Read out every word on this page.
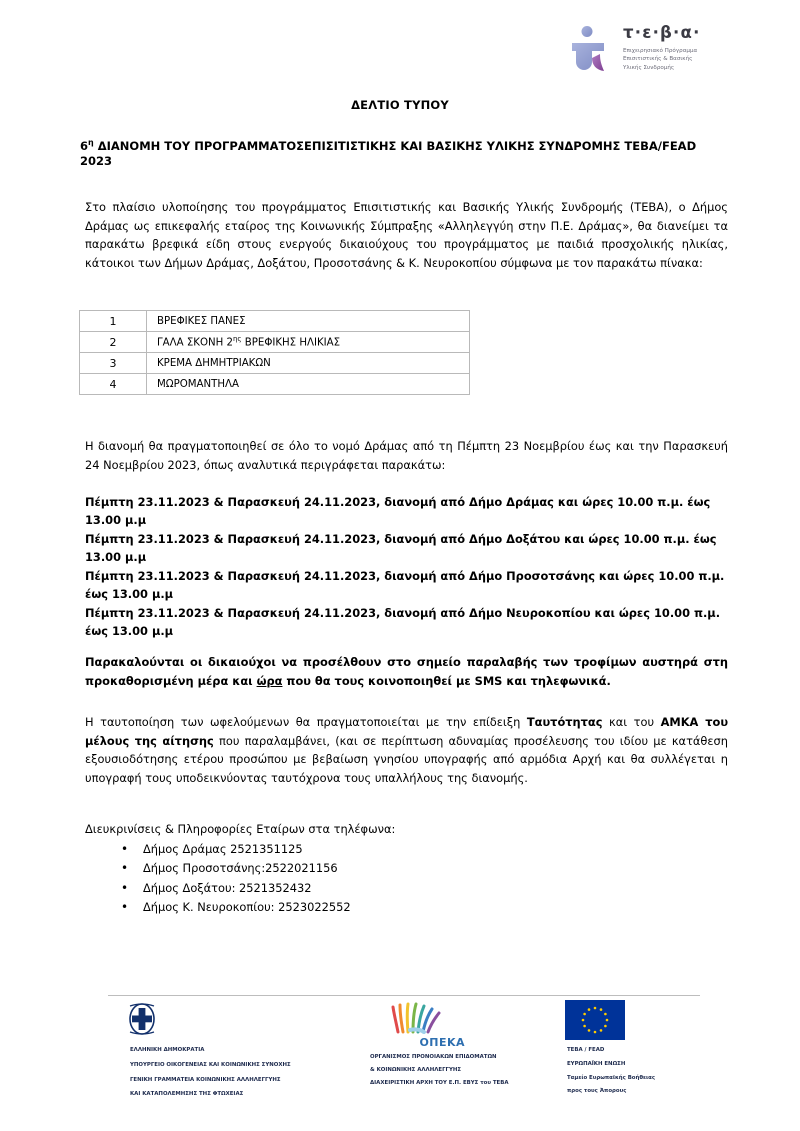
τ·ε·β·α·
Επιχειρησιακό Πρόγραμμα
Επισιτιστικής & Βασικής
Υλικής Συνδρομής
ΔΕΛΤΙΟ ΤΥΠΟΥ
$6^\eta$ ΔΙΑΝΟΜΗ ΤΟΥ ΠΡΟΓΡΑΜΜΑΤΟΣΕΠΙΣΙΤΙΣΤΙΚΗΣ ΚΑΙ ΒΑΣΙΚΗΣ ΥΛΙΚΗΣ ΣΥΝΔΡΟΜΗΣ ΤΕΒΑ/FEAD 2023

Στο πλαίσιο υλοποίησης του προγράμματος Επισιτιστικής και Βασικής Υλικής Συνδρομής (ΤΕΒΑ), ο Δήμος Δράμας ως επικεφαλής εταίρος της Κοινωνικής Σύμπραξης «Αλληλεγγύη στην Π.Ε. Δράμας», θα διανείμει τα παρακάτω βρεφικά είδη στους ενεργούς δικαιούχους του προγράμματος με παιδιά προσχολικής ηλικίας, κάτοικοι των Δήμων Δράμας, Δοξάτου, Προσοτσάνης & Κ. Νευροκοπίου σύμφωνα με τον παρακάτω πίνακα:

1	ΒΡΕΦΙΚΕΣ ΠΑΝΕΣ
2	ΓΑΛΑ ΣΚΟΝΗ $2^{\eta\varsigma}$ ΒΡΕΦΙΚΗΣ ΗΛΙΚΙΑΣ
3	ΚΡΕΜΑ ΔΗΜΗΤΡΙΑΚΩΝ
4	ΜΩΡΟΜΑΝΤΗΛΑ

Η διανομή θα πραγματοποιηθεί σε όλο το νομό Δράμας από τη Πέμπτη 23 Νοεμβρίου έως και την Παρασκευή 24 Νοεμβρίου 2023, όπως αναλυτικά περιγράφεται παρακάτω:

Πέμπτη 23.11.2023 & Παρασκευή 24.11.2023, διανομή από Δήμο Δράμας και ώρες 10.00 π.μ. έως 13.00 μ.μ

Πέμπτη 23.11.2023 & Παρασκευή 24.11.2023, διανομή από Δήμο Δοξάτου και ώρες 10.00 π.μ. έως 13.00 μ.μ

Πέμπτη 23.11.2023 & Παρασκευή 24.11.2023, διανομή από Δήμο Προσοτσάνης και ώρες 10.00 π.μ. έως 13.00 μ.μ

Πέμπτη 23.11.2023 & Παρασκευή 24.11.2023, διανομή από Δήμο Νευροκοπίου και ώρες 10.00 π.μ. έως 13.00 μ.μ

Παρακαλούνται οι δικαιούχοι να προσέλθουν στο σημείο παραλαβής των τροφίμων αυστηρά στη προκαθορισμένη μέρα και ώρα που θα τους κοινοποιηθεί με SMS και τηλεφωνικά.

Η ταυτοποίηση των ωφελούμενων θα πραγματοποιείται με την επίδειξη Ταυτότητας και του ΑΜΚΑ του μέλους της αίτησης που παραλαμβάνει, (και σε περίπτωση αδυναμίας προσέλευσης του ιδίου με κατάθεση εξουσιοδότησης ετέρου προσώπου με βεβαίωση γνησίου υπογραφής από αρμόδια Αρχή και θα συλλέγεται η υπογραφή τους υποδεικνύοντας ταυτόχρονα τους υπαλλήλους της διανομής.

Διευκρινίσεις & Πληροφορίες Εταίρων στα τηλέφωνα:

• Δήμος Δράμας 2521351125
• Δήμος Προσοτσάνης:2522021156
• Δήμος Δοξάτου: 2521352432
• Δήμος Κ. Νευροκοπίου: 2523022552
ΕΛΛΗΝΙΚΗ ΔΗΜΟΚΡΑΤΙΑ
ΥΠΟΥΡΓΕΙΟ ΟΙΚΟΓΕΝΕΙΑΣ ΚΑΙ ΚΟΙΝΩΝΙΚΗΣ ΣΥΝΟΧΗΣ
ΓΕΝΙΚΗ ΓΡΑΜΜΑΤΕΙΑ ΚΟΙΝΩΝΙΚΗΣ ΑΛΛΗΛΕΓΓΥΗΣ
ΚΑΙ ΚΑΤΑΠΟΛΕΜΗΣΗΣ ΤΗΣ ΦΤΩΧΕΙΑΣ
ΟΠΕΚΑ
ΟΡΓΑΝΙΣΜΟΣ ΠΡΟΝΟΙΑΚΩΝ ΕΠΙΔΟΜΑΤΩΝ
& ΚΟΙΝΩΝΙΚΗΣ ΑΛΛΗΛΕΓΓΥΗΣ
ΔΙΑΧΕΙΡΙΣΤΙΚΗ ΑΡΧΗ ΤΟΥ Ε.Π. ΕΒΥΣ του ΤΕΒΑ
ΤΕΒΑ / FEAD
ΕΥΡΩΠΑΪΚΗ ΕΝΩΣΗ
Ταμείο Ευρωπαϊκής Βοήθειας
προς τους Άπορους
